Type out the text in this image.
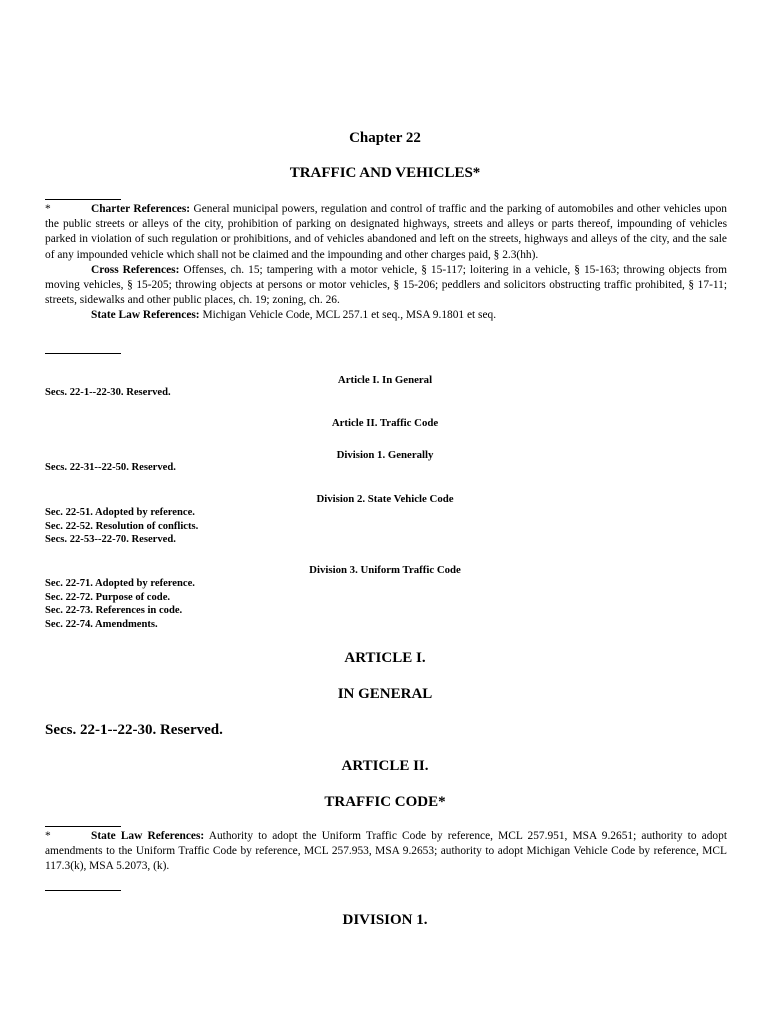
Chapter 22
TRAFFIC AND VEHICLES*

*	Charter References: General municipal powers, regulation and control of traffic and the parking of automobiles and other vehicles upon the public streets or alleys of the city, prohibition of parking on designated highways, streets and alleys or parts thereof, impounding of vehicles parked in violation of such regulation or prohibitions, and of vehicles abandoned and left on the streets, highways and alleys of the city, and the sale of any impounded vehicle which shall not be claimed and the impounding and other charges paid, § 2.3(hh).

Cross References: Offenses, ch. 15; tampering with a motor vehicle, § 15-117; loitering in a vehicle, § 15-163; throwing objects from moving vehicles, § 15-205; throwing objects at persons or motor vehicles, § 15-206; peddlers and solicitors obstructing traffic prohibited, § 17-11; streets, sidewalks and other public places, ch. 19; zoning, ch. 26.

State Law References: Michigan Vehicle Code, MCL 257.1 et seq., MSA 9.1801 et seq.

Article I. In General
Secs. 22-1--22-30. Reserved.
Article II. Traffic Code
Division 1. Generally
Secs. 22-31--22-50. Reserved.
Division 2. State Vehicle Code
Sec. 22-51. Adopted by reference.
Sec. 22-52. Resolution of conflicts.
Secs. 22-53--22-70. Reserved.
Division 3. Uniform Traffic Code
Sec. 22-71. Adopted by reference.
Sec. 22-72. Purpose of code.
Sec. 22-73. References in code.
Sec. 22-74. Amendments.
ARTICLE I.
IN GENERAL
Secs. 22-1--22-30. Reserved.
ARTICLE II.
TRAFFIC CODE*

*	State Law References: Authority to adopt the Uniform Traffic Code by reference, MCL 257.951, MSA 9.2651; authority to adopt amendments to the Uniform Traffic Code by reference, MCL 257.953, MSA 9.2653; authority to adopt Michigan Vehicle Code by reference, MCL 117.3(k), MSA 5.2073, (k).

DIVISION 1.
